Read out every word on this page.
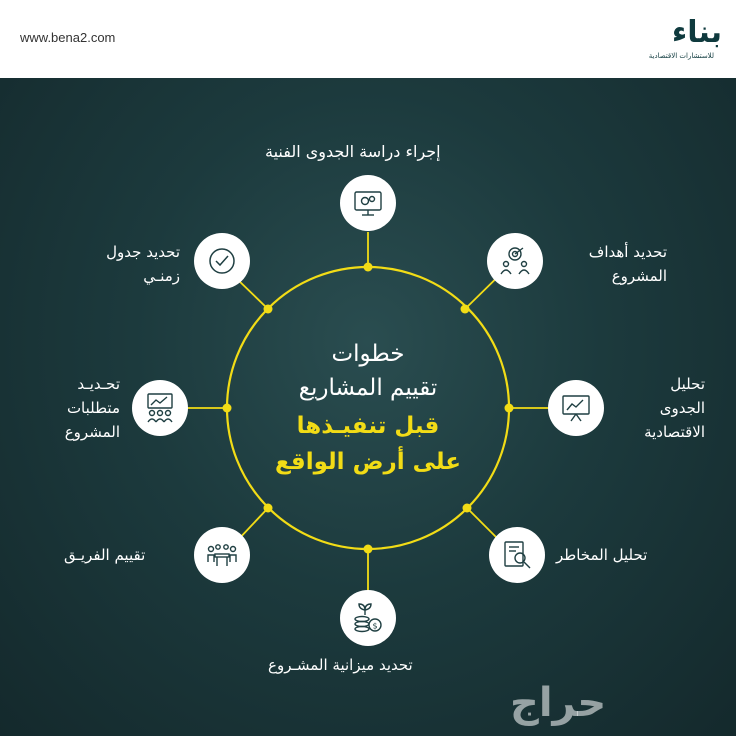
www.bena2.com	بناء
للاستشارات الاقتصادية
$
إجراء دراسة الجدوى الفنية
تحديد أهداف
المشروع
تحليل
الجدوى
الاقتصادية
تحليل المخاطر
تحديد ميزانية المشـروع
تقييم الفريـق
تحـديـد
متطلبات
المشروع
تحديد جدول
زمنـي
خطوات
تقييم المشاريع
قبل تنفيـذها
على أرض الواقع
حراج
